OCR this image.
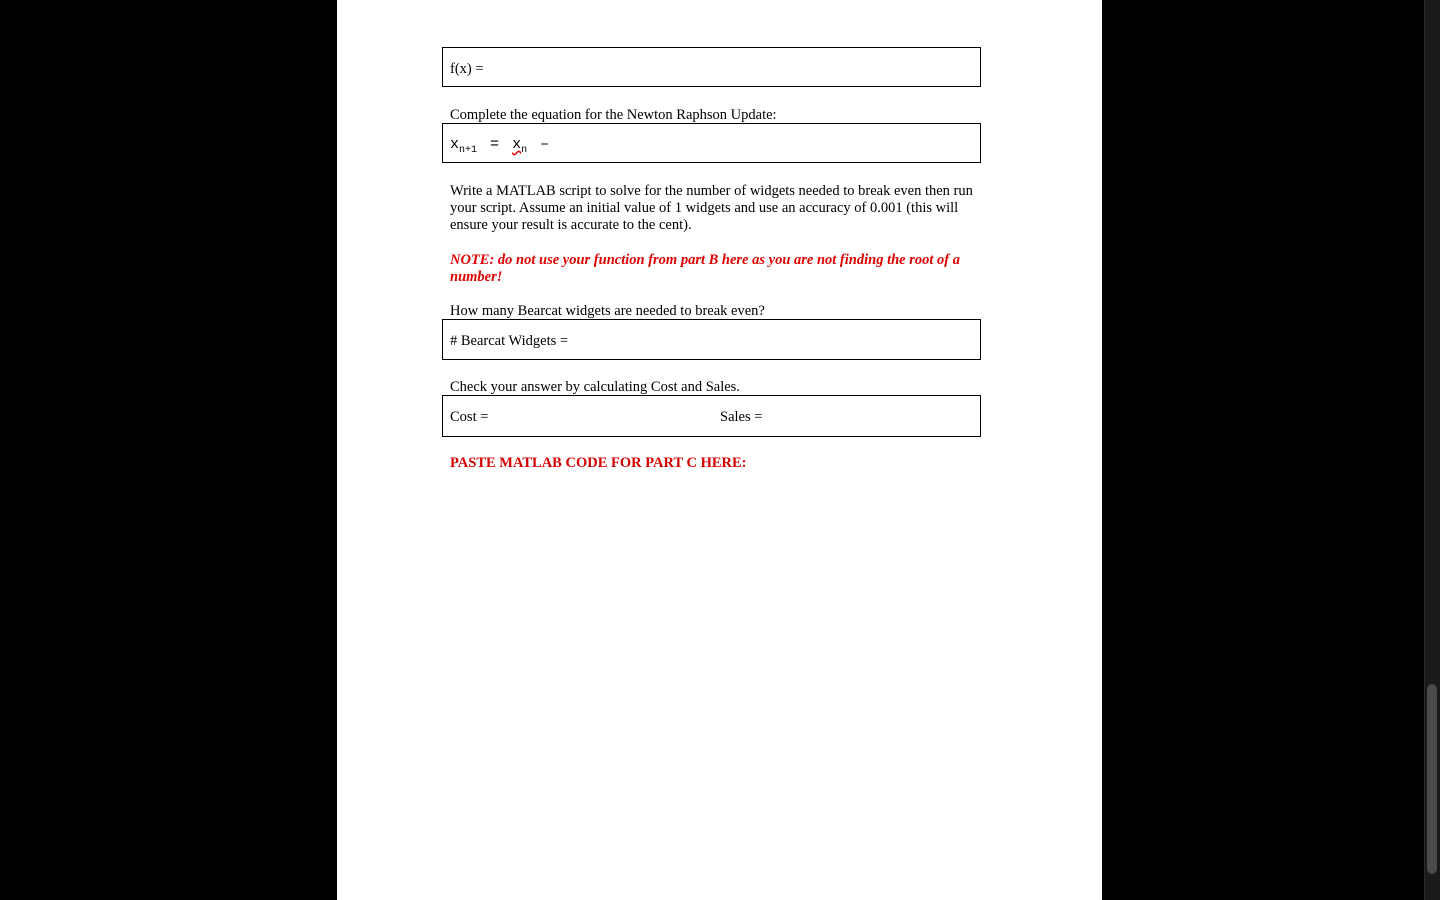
f(x) =
Complete the equation for the Newton Raphson Update:
$x_{n+1} = x_n$ –
Write a MATLAB script to solve for the number of widgets needed to break even then run your script. Assume an initial value of 1 widgets and use an accuracy of 0.001 (this will ensure your result is accurate to the cent).
NOTE: do not use your function from part B here as you are not finding the root of a number!
How many Bearcat widgets are needed to break even?
# Bearcat Widgets =
Check your answer by calculating Cost and Sales.
Cost =	Sales =
PASTE MATLAB CODE FOR PART C HERE:
